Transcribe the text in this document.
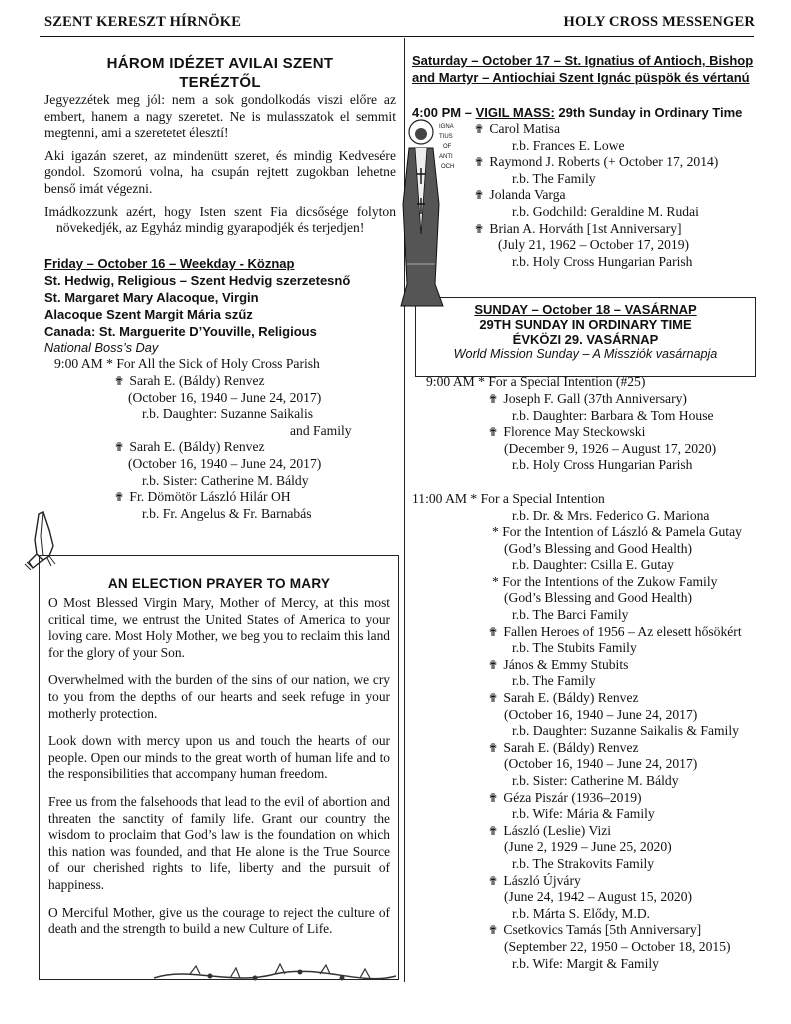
SZENT KERESZT HÍRNÖKE	HOLY CROSS MESSENGER
HÁROM IDÉZET AVILAI SZENT
TERÉZTŐL

Jegyezzétek meg jól: nem a sok gondolkodás viszi előre az embert, hanem a nagy szeretet. Ne is mulasszatok el semmit megtenni, ami a szeretetet élesztí!

Aki igazán szeret, az mindenütt szeret, és mindig Kedvesére gondol. Szomorú volna, ha csupán rejtett zugokban lehetne benső imát végezni.

Imádkozzunk azért, hogy Isten szent Fia dicsősége folyton növekedjék, az Egyház mindig gyarapodjék és terjedjen!

Friday – October 16 – Weekday - Köznap
St. Hedwig, Religious – Szent Hedvig szerzetesnő
St. Margaret Mary Alacoque, Virgin
Alacoque Szent Margit Mária szűz
Canada: St. Marguerite D’Youville, Religious
National Boss’s Day
9:00 AM * For All the Sick of Holy Cross Parish
✟ Sarah E. (Báldy) Renvez
(October 16, 1940 – June 24, 2017)
r.b. Daughter: Suzanne Saikalis
and Family
✟ Sarah E. (Báldy) Renvez
(October 16, 1940 – June 24, 2017)
r.b. Sister: Catherine M. Báldy
✟ Fr. Dömötör László Hilár OH
r.b. Fr. Angelus & Fr. Barnabás
AN ELECTION PRAYER TO MARY

O Most Blessed Virgin Mary, Mother of Mercy, at this most critical time, we entrust the United States of America to your loving care. Most Holy Mother, we beg you to reclaim this land for the glory of your Son.

Overwhelmed with the burden of the sins of our nation, we cry to you from the depths of our hearts and seek refuge in your motherly protection.

Look down with mercy upon us and touch the hearts of our people. Open our minds to the great worth of human life and to the responsibilities that accompany human freedom.

Free us from the falsehoods that lead to the evil of abortion and threaten the sanctity of family life. Grant our country the wisdom to proclaim that God’s law is the foundation on which this nation was founded, and that He alone is the True Source of our cherished rights to life, liberty and the pursuit of happiness.

O Merciful Mother, give us the courage to reject the culture of death and the strength to build a new Culture of Life.

Saturday – October 17 – St. Ignatius of Antioch, Bishop
and Martyr – Antiochiai Szent Ignác püspök és vértanú
4:00 PM – VIGIL MASS: 29th Sunday in Ordinary Time
✟ Carol Matisa
r.b. Frances E. Lowe
✟ Raymond J. Roberts (+ October 17, 2014)
r.b. The Family
✟ Jolanda Varga
r.b. Godchild: Geraldine M. Rudai
✟ Brian A. Horváth [1st Anniversary]
(July 21, 1962 – October 17, 2019)
r.b. Holy Cross Hungarian Parish
9:00 AM * For a Special Intention (#25)
✟ Joseph F. Gall (37th Anniversary)
r.b. Daughter: Barbara & Tom House
✟ Florence May Steckowski
(December 9, 1926 – August 17, 2020)
r.b. Holy Cross Hungarian Parish
11:00 AM * For a Special Intention
r.b. Dr. & Mrs. Federico G. Mariona
* For the Intention of László & Pamela Gutay
(God’s Blessing and Good Health)
r.b. Daughter: Csilla E. Gutay
* For the Intentions of the Zukow Family
(God’s Blessing and Good Health)
r.b. The Barci Family
✟ Fallen Heroes of 1956 – Az elesett hősökért
r.b. The Stubits Family
✟ János & Emmy Stubits
r.b. The Family
✟ Sarah E. (Báldy) Renvez
(October 16, 1940 – June 24, 2017)
r.b. Daughter: Suzanne Saikalis & Family
✟ Sarah E. (Báldy) Renvez
(October 16, 1940 – June 24, 2017)
r.b. Sister: Catherine M. Báldy
✟ Géza Piszár (1936–2019)
r.b. Wife: Mária & Family
✟ László (Leslie) Vizi
(June 2, 1929 – June 25, 2020)
r.b. The Strakovits Family
✟ László Újváry
(June 24, 1942 – August 15, 2020)
r.b. Márta S. Elődy, M.D.
✟ Csetkovics Tamás [5th Anniversary]
(September 22, 1950 – October 18, 2015)
r.b. Wife: Margit & Family
SUNDAY – October 18 – VASÁRNAP
29TH SUNDAY IN ORDINARY TIME
ÉVKÖZI 29. VASÁRNAP
World Mission Sunday – A Missziók vasárnapja
IGNA
TIUS
OF
ANTI
OCH
